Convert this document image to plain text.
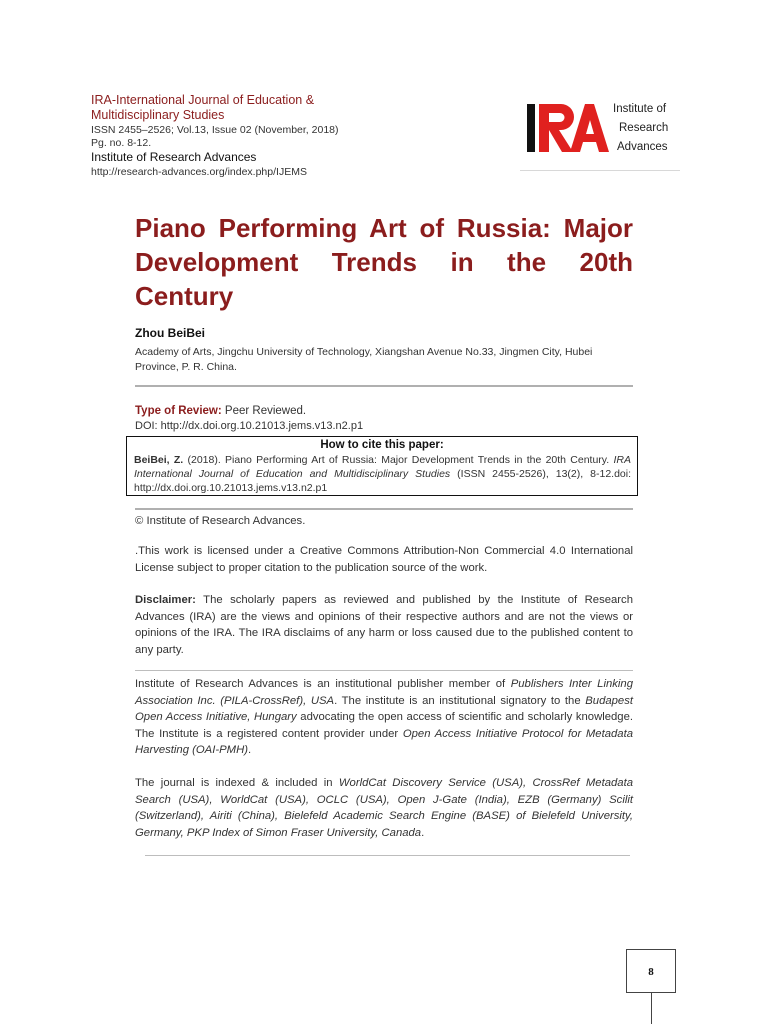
IRA-International Journal of Education & Multidisciplinary Studies
ISSN 2455–2526; Vol.13, Issue 02 (November, 2018)
Pg. no. 8-12.
Institute of Research Advances
http://research-advances.org/index.php/IJEMS
Institute of
Research
Advances
Piano Performing Art of Russia: Major Development Trends in the 20th Century
Zhou BeiBei
Academy of Arts, Jingchu University of Technology, Xiangshan Avenue No.33, Jingmen City, Hubei Province, P. R. China.
Type of Review: Peer Reviewed.
DOI: http://dx.doi.org.10.21013.jems.v13.n2.p1
How to cite this paper:
BeiBei, Z. (2018). Piano Performing Art of Russia: Major Development Trends in the 20th Century. IRA International Journal of Education and Multidisciplinary Studies (ISSN 2455-2526), 13(2), 8-12.doi: http://dx.doi.org.10.21013.jems.v13.n2.p1
© Institute of Research Advances.
.This work is licensed under a Creative Commons Attribution-Non Commercial 4.0 International License subject to proper citation to the publication source of the work.
Disclaimer: The scholarly papers as reviewed and published by the Institute of Research Advances (IRA) are the views and opinions of their respective authors and are not the views or opinions of the IRA. The IRA disclaims of any harm or loss caused due to the published content to any party.
Institute of Research Advances is an institutional publisher member of Publishers Inter Linking Association Inc. (PILA-CrossRef), USA. The institute is an institutional signatory to the Budapest Open Access Initiative, Hungary advocating the open access of scientific and scholarly knowledge. The Institute is a registered content provider under Open Access Initiative Protocol for Metadata Harvesting (OAI-PMH).
The journal is indexed & included in WorldCat Discovery Service (USA), CrossRef Metadata Search (USA), WorldCat (USA), OCLC (USA), Open J-Gate (India), EZB (Germany) Scilit (Switzerland), Airiti (China), Bielefeld Academic Search Engine (BASE) of Bielefeld University, Germany, PKP Index of Simon Fraser University, Canada.
8
